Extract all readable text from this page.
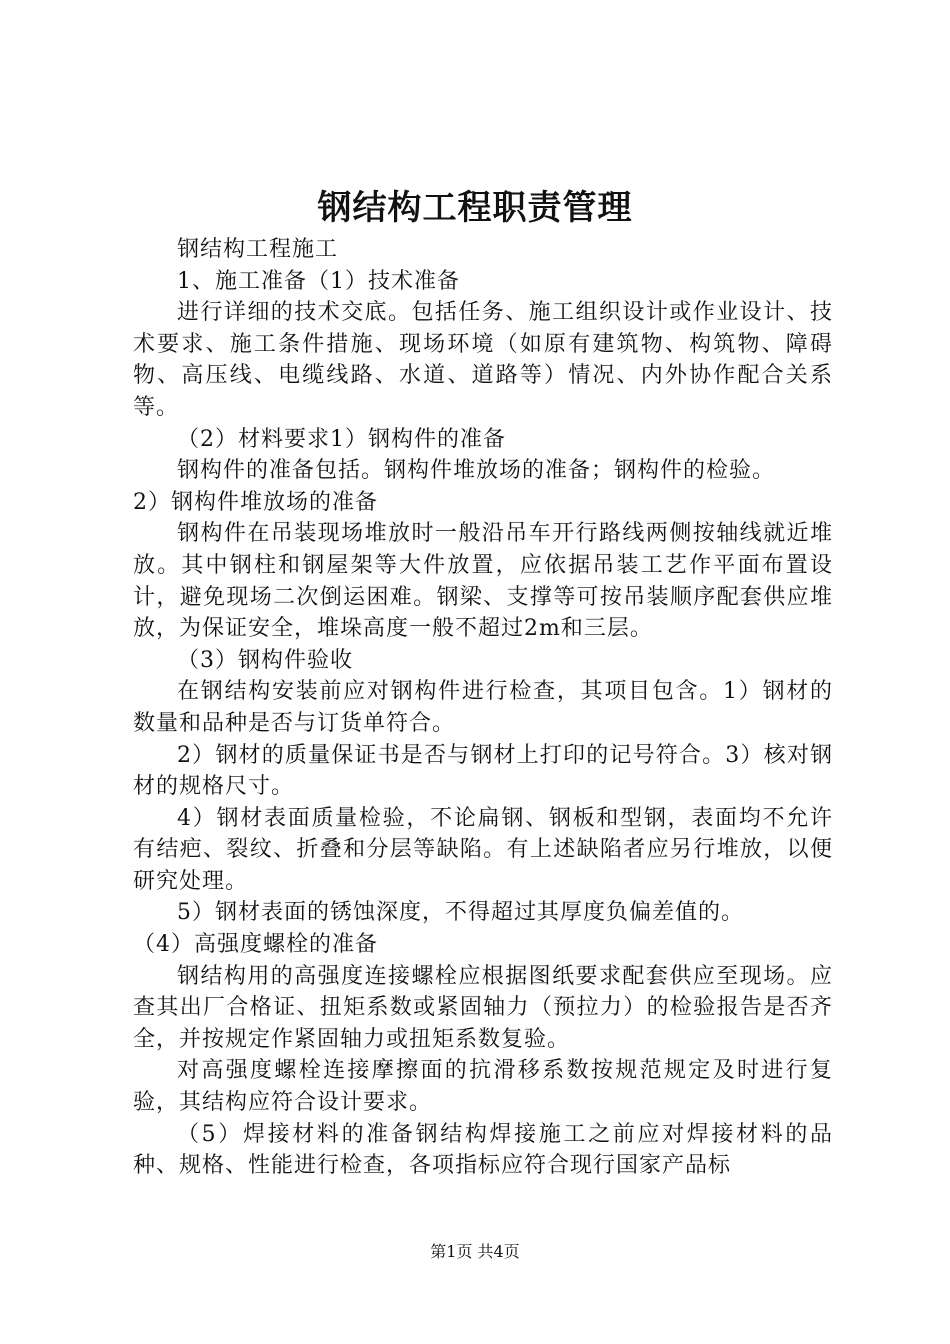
钢结构工程职责管理

钢结构工程施工

1、施工准备（1）技术准备

进行详细的技术交底。包括任务、施工组织设计或作业设计、技术要求、施工条件措施、现场环境（如原有建筑物、构筑物、障碍物、高压线、电缆线路、水道、道路等）情况、内外协作配合关系等。

（2）材料要求1）钢构件的准备

钢构件的准备包括。钢构件堆放场的准备；钢构件的检验。

2）钢构件堆放场的准备

钢构件在吊装现场堆放时一般沿吊车开行路线两侧按轴线就近堆放。其中钢柱和钢屋架等大件放置，应依据吊装工艺作平面布置设计，避免现场二次倒运困难。钢梁、支撑等可按吊装顺序配套供应堆放，为保证安全，堆垛高度一般不超过2m和三层。

（3）钢构件验收

在钢结构安装前应对钢构件进行检查，其项目包含。1）钢材的数量和品种是否与订货单符合。

2）钢材的质量保证书是否与钢材上打印的记号符合。3）核对钢材的规格尺寸。

4）钢材表面质量检验，不论扁钢、钢板和型钢，表面均不允许有结疤、裂纹、折叠和分层等缺陷。有上述缺陷者应另行堆放，以便研究处理。

5）钢材表面的锈蚀深度，不得超过其厚度负偏差值的。

（4）高强度螺栓的准备

钢结构用的高强度连接螺栓应根据图纸要求配套供应至现场。应查其出厂合格证、扭矩系数或紧固轴力（预拉力）的检验报告是否齐全，并按规定作紧固轴力或扭矩系数复验。

对高强度螺栓连接摩擦面的抗滑移系数按规范规定及时进行复验，其结构应符合设计要求。

（5）焊接材料的准备钢结构焊接施工之前应对焊接材料的品种、规格、性能进行检查，各项指标应符合现行国家产品标

第1页 共4页
